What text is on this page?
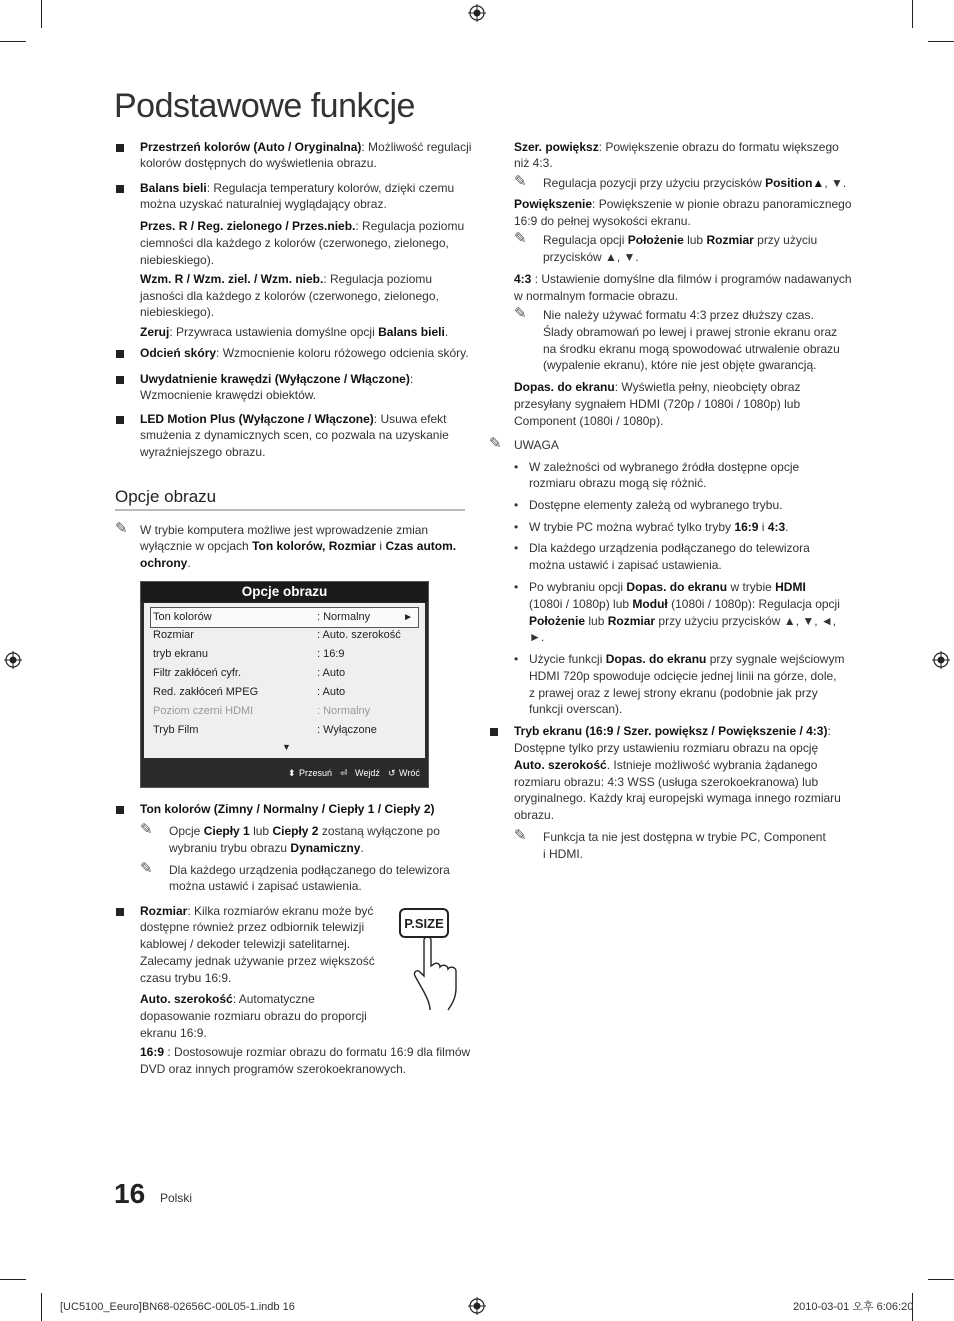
Podstawowe funkcje
Przestrzeń kolorów (Auto / Oryginalna): Możliwość regulacji
kolorów dostępnych do wyświetlenia obrazu.
Balans bieli: Regulacja temperatury kolorów, dzięki czemu
można uzyskać naturalniej wyglądający obraz.
Przes. R / Reg. zielonego / Przes.nieb.: Regulacja poziomu
ciemności dla każdego z kolorów (czerwonego, zielonego,
niebieskiego).
Wzm. R / Wzm. ziel. / Wzm. nieb.: Regulacja poziomu
jasności dla każdego z kolorów (czerwonego, zielonego,
niebieskiego).
Zeruj: Przywraca ustawienia domyślne opcji Balans bieli.
Odcień skóry: Wzmocnienie koloru różowego odcienia skóry.
Uwydatnienie krawędzi (Wyłączone / Włączone):
Wzmocnienie krawędzi obiektów.
LED Motion Plus (Wyłączone / Włączone): Usuwa efekt
smużenia z dynamicznych scen, co pozwala na uzyskanie
wyraźniejszego obrazu.
Opcje obrazu
✎ W trybie komputera możliwe jest wprowadzenie zmian
wyłącznie w opcjach Ton kolorów, Rozmiar i Czas autom.
ochrony.
Opcje obrazu
Ton kolorów	: Normalny	►
Rozmiar	: Auto. szerokość
tryb ekranu	: 16:9
Filtr zakłóceń cyfr.	: Auto
Red. zakłóceń MPEG	: Auto
Poziom czerni HDMI	: Normalny
Tryb Film	: Wyłączone
▼
⬍ Przesuń ⏎ Wejdź ↺ Wróć
Ton kolorów (Zimny / Normalny / Ciepły 1 / Ciepły 2)
✎ Opcje Ciepły 1 lub Ciepły 2 zostaną wyłączone po
wybraniu trybu obrazu Dynamiczny.
✎ Dla każdego urządzenia podłączanego do telewizora
można ustawić i zapisać ustawienia.
Rozmiar: Kilka rozmiarów ekranu może być
dostępne również przez odbiornik telewizji
kablowej / dekoder telewizji satelitarnej.
Zalecamy jednak używanie przez większość
czasu trybu 16:9.
Auto. szerokość: Automatyczne
dopasowanie rozmiaru obrazu do proporcji
ekranu 16:9.
16:9 : Dostosowuje rozmiar obrazu do formatu 16:9 dla filmów
DVD oraz innych programów szerokoekranowych.
P.SIZE
Szer. powiększ: Powiększenie obrazu do formatu większego
niż 4:3.
✎ Regulacja pozycji przy użyciu przycisków Position▲, ▼.
Powiększenie: Powiększenie w pionie obrazu panoramicznego
16:9 do pełnej wysokości ekranu.
✎ Regulacja opcji Położenie lub Rozmiar przy użyciu
przycisków ▲, ▼.
4:3 : Ustawienie domyślne dla filmów i programów nadawanych
w normalnym formacie obrazu.
✎ Nie należy używać formatu 4:3 przez dłuższy czas.
Ślady obramowań po lewej i prawej stronie ekranu oraz
na środku ekranu mogą spowodować utrwalenie obrazu
(wypalenie ekranu), które nie jest objęte gwarancją.
Dopas. do ekranu: Wyświetla pełny, nieobcięty obraz
przesyłany sygnałem HDMI (720p / 1080i / 1080p) lub
Component (1080i / 1080p).
✎ UWAGA
• W zależności od wybranego źródła dostępne opcje
rozmiaru obrazu mogą się różnić.
• Dostępne elementy zależą od wybranego trybu.
• W trybie PC można wybrać tylko tryby 16:9 i 4:3.
• Dla każdego urządzenia podłączanego do telewizora
można ustawić i zapisać ustawienia.
• Po wybraniu opcji Dopas. do ekranu w trybie HDMI
(1080i / 1080p) lub Moduł (1080i / 1080p): Regulacja opcji
Położenie lub Rozmiar przy użyciu przycisków ▲, ▼, ◄,
►.
• Użycie funkcji Dopas. do ekranu przy sygnale wejściowym
HDMI 720p spowoduje odcięcie jednej linii na górze, dole,
z prawej oraz z lewej strony ekranu (podobnie jak przy
funkcji overscan).
Tryb ekranu (16:9 / Szer. powiększ / Powiększenie / 4:3):
Dostępne tylko przy ustawieniu rozmiaru obrazu na opcję
Auto. szerokość. Istnieje możliwość wybrania żądanego
rozmiaru obrazu: 4:3 WSS (usługa szerokoekranowa) lub
oryginalnego. Każdy kraj europejski wymaga innego rozmiaru
obrazu.
✎ Funkcja ta nie jest dostępna w trybie PC, Component
i HDMI.
16 Polski
[UC5100_Eeuro]BN68-02656C-00L05-1.indb 16	2010-03-01 오후 6:06:20
